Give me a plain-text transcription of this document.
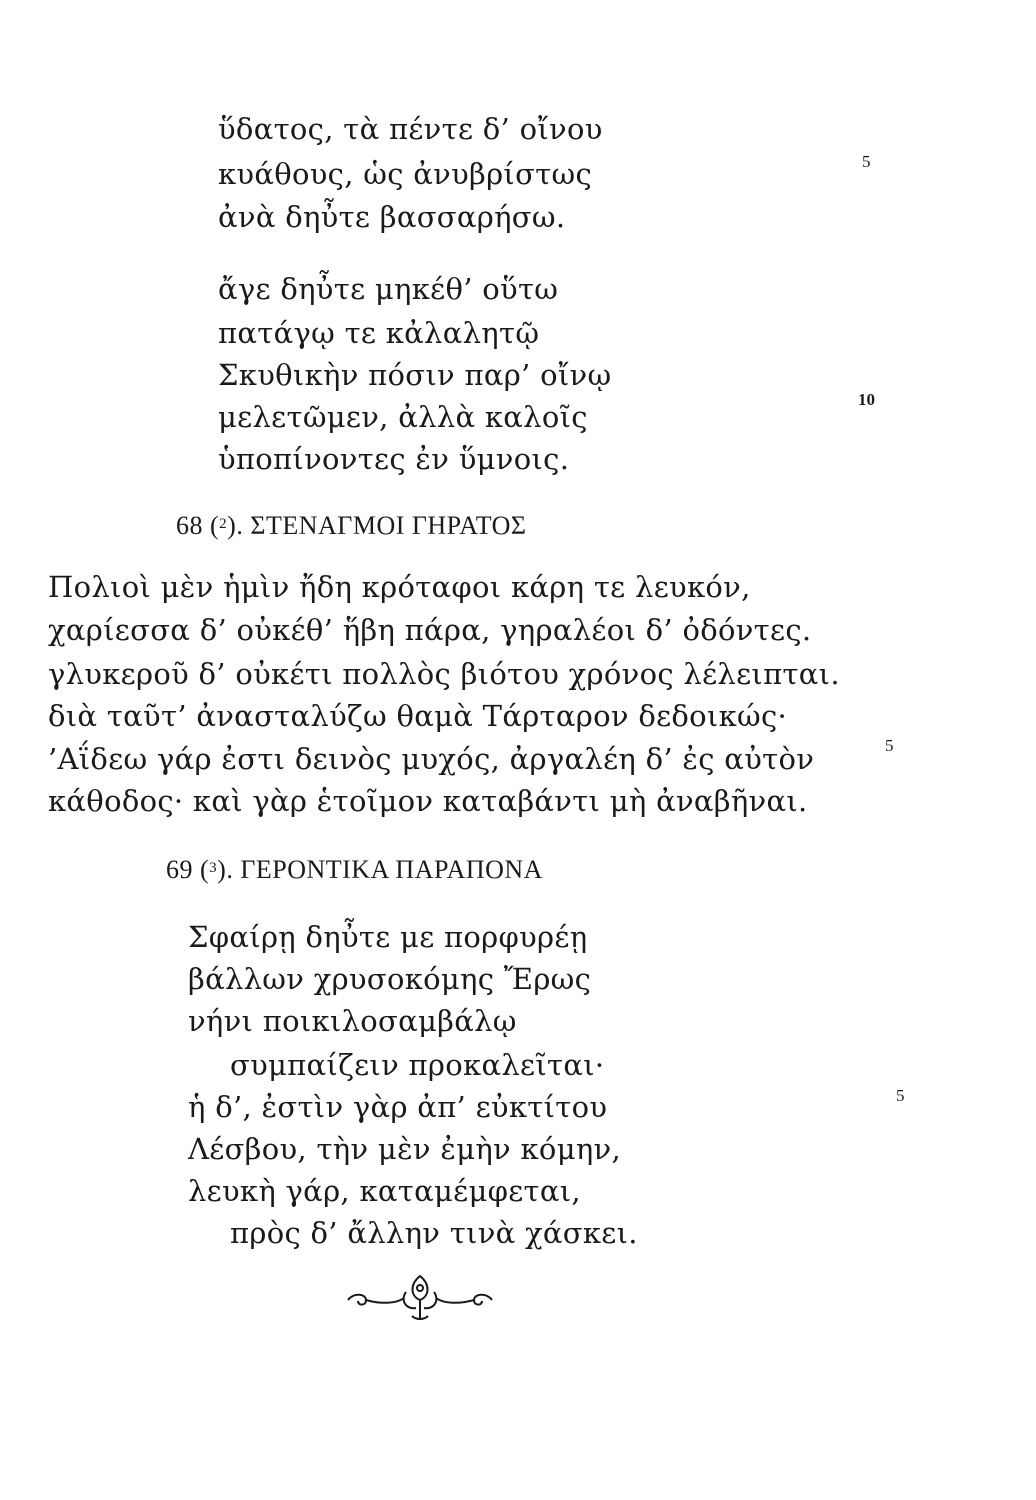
ὕδατος, τὰ πέντε δ’ οἴνου
κυάθους, ὡς ἀνυβρίστως
ἀνὰ δηὖτε βασσαρήσω.
5
ἄγε δηὖτε μηκέθ’ οὕτω
πατάγῳ τε κἀλαλητῷ
Σκυθικὴν πόσιν παρ’ οἴνῳ
μελετῶμεν, ἀλλὰ καλοῖς
ὑποπίνοντες ἐν ὕμνοις.
10
68 ($^2$). ΣΤΕΝΑΓΜΟΙ ΓΗΡΑΤΟΣ
Πολιοὶ μὲν ἡμὶν ἤδη κρόταφοι κάρη τε λευκόν,
χαρίεσσα δ’ οὐκέθ’ ἥβη πάρα, γηραλέοι δ’ ὀδόντες.
γλυκεροῦ δ’ οὐκέτι πολλὸς βιότου χρόνος λέλειπται.
διὰ ταῦτ’ ἀνασταλύζω θαμὰ Τάρταρον δεδοικώς·
’Αΐδεω γάρ ἐστι δεινὸς μυχός, ἀργαλέη δ’ ἐς αὐτὸν
κάθοδος· καὶ γὰρ ἑτοῖμον καταβάντι μὴ ἀναβῆναι.
5
69 ($^3$). ΓΕΡΟΝΤΙΚΑ ΠΑΡΑΠΟΝΑ
Σφαίρῃ δηὖτε με πορφυρέῃ
βάλλων χρυσοκόμης Ἔρως
νήνι ποικιλοσαμβάλῳ
συμπαίζειν προκαλεῖται·
ἡ δ’, ἐστὶν γὰρ ἀπ’ εὐκτίτου
Λέσβου, τὴν μὲν ἐμὴν κόμην,
λευκὴ γάρ, καταμέμφεται,
πρὸς δ’ ἄλλην τινὰ χάσκει.
5
